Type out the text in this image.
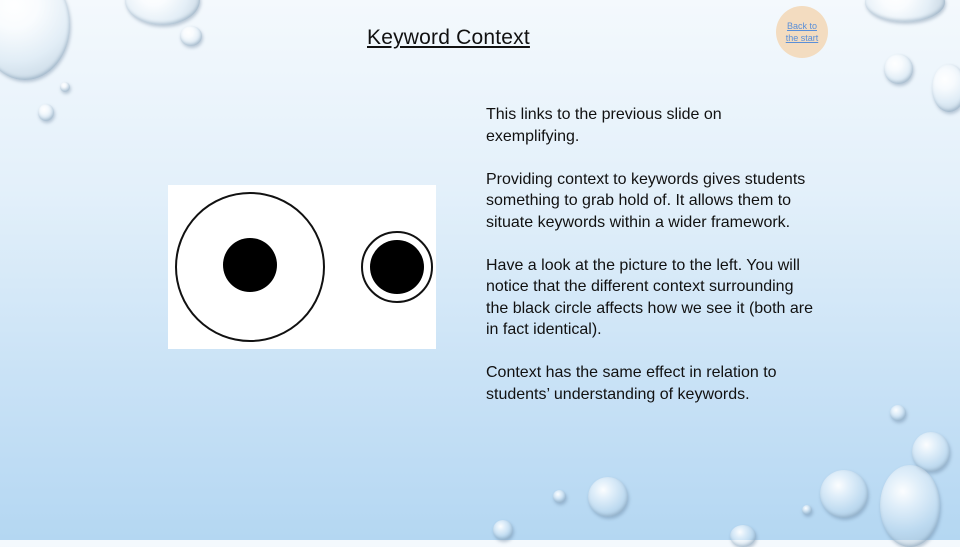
Keyword Context	Back to the start

This links to the previous slide on exemplifying.

Providing context to keywords gives students something to grab hold of. It allows them to situate keywords within a wider framework.

Have a look at the picture to the left. You will notice that the different context surrounding the black circle affects how we see it (both are in fact identical).

Context has the same effect in relation to students’ understanding of keywords.
